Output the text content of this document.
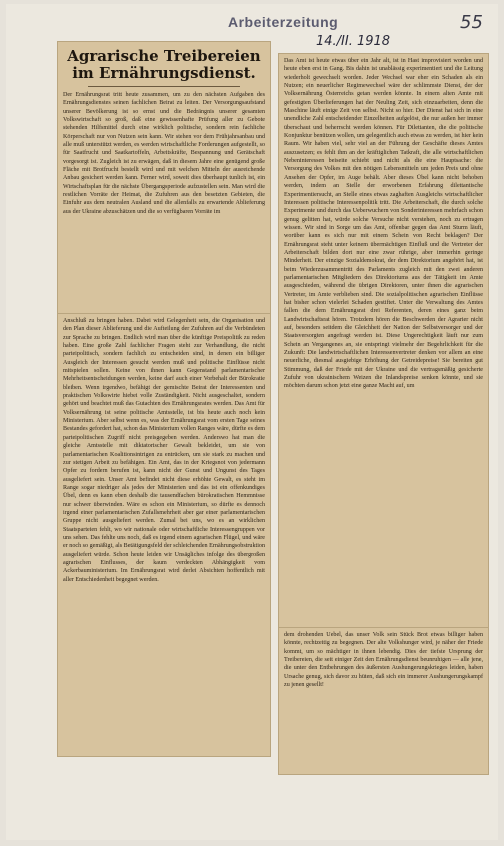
Arbeiterzeitung
14./II. 1918
55
Agrarische Treibereien im Ernährungsdienst.

Der Ernährungsrat tritt heute zusammen, um zu den nächsten Aufgaben des Ernährungsdienstes seinen fachlichen Beirat zu leiten. Der Versorgungsaufstand unserer Bevölkerung ist so ernst und die Bedrängnis unserer gesamten Volkswirtschaft so groß, daß eine gewissenhafte Prüfung aller zu Gebote stehenden Hilfsmittel durch eine wirklich politische, sondern rein fachliche Körperschaft nur von Nutzen sein kann. Wir stehen vor dem Frühjahrsanbau und alle muß unterstützt werden, es werden wirtschaftliche Forderungen aufgestellt, so für Saatfrucht und Saatkartoffeln, Arbeitskräfte, Bespannung und Gerätschaft vorgesorgt ist. Zugleich ist zu erwägen, daß in diesem Jahre eine genügend große Fläche mit Brotfrucht bestellt wird und mit welchen Mitteln der ausreichende Anbau gesichert werden kann. Ferner wird, soweit dies überhaupt tunlich ist, ein Wirtschaftsplan für die nächste Übergangsperiode aufzustellen sein. Man wird die restlichen Vorräte der Heimat, die Zufuhren aus den besetzten Gebieten, die Einfuhr aus dem neutralen Ausland und die allenfalls zu erwartende Ablieferung aus der Ukraine abzuschätzen und die so verfügbaren Vorräte im

Anschluß zu bringen haben. Dabei wird Gelegenheit sein, die Organisation und den Plan dieser Ablieferung und die Aufteilung der Zufuhren auf die Verbündeten zur Sprache zu bringen. Endlich wird man über die künftige Preispolitik zu reden haben. Eine große Zahl fachlicher Fragen steht zur Verhandlung, die nicht parteipolitisch, sondern fachlich zu entscheiden sind, in denen ein billiger Ausgleich der Interessen gesucht werden muß und politische Einflüsse nicht mitspielen sollen. Keine von ihnen kann Gegenstand parlamentarischer Mehrheitsentscheidungen werden, keine darf auch einer Vorbehalt der Bürokratie bleiben. Wenn irgendwo, befähigt der gemischte Beirat der Interessenten und praktischen Volkswirte hiebei volle Zuständigkeit. Nicht ausgeschaltet, sondern gehört und beachtet muß das Gutachten des Ernährungsrates werden. Das Amt für Volksernährung ist seine politische Amtsstelle, ist bis heute auch noch kein Ministerium. Aber selbst wenn es, was der Ernährungsrat vom ersten Tage seines Bestandes gefordert hat, schon das Ministerium vollen Ranges wäre, dürfte es dem parteipolitischen Zugriff nicht preisgegeben werden. Anderswo hat man die gleiche Amtsstelle mit diktatorischer Gewalt bekleidet, um sie von parlamentarischen Koalitionsintrigen zu entrücken, um sie stark zu machen und zur stetigen Arbeit zu befähigen. Ein Amt, das in der Kriegsnot von jedermann Opfer zu fordern berufen ist, kann nicht der Gunst und Ungunst des Tages ausgeliefert sein. Unser Amt befindet nicht diese erhöhte Gewalt, es steht im Range sogar niedriger als jedes der Ministerien und das ist ein offenkundiges Übel, denn es kann eben deshalb die tausendfachen bürokratischen Hemmnisse nur schwer überwinden. Wäre es schon ein Ministerium, so dürfte es dennoch irgend einer parlamentarischen Zufallsmehrheit aber gar einer parlamentarischen Gruppe nicht ausgeliefert werden. Zumal bei uns, wo es an wirklichen Staatsparteien fehlt, wo wir nationale oder wirtschaftliche Interessengruppen vor uns sehen. Das fehlte uns noch, daß es irgend einem agrarischen Flügel, und wäre er noch so gemäßigt, als Betätigungsfeld der schleichenden Ernährungsobstruktion ausgeliefert würde. Schon heute leiden wir Unsägliches infolge des übergroßen agrarischen Einflusses, der kaum verdeckten Abhängigkeit vom Ackerbauministerium. Im Ernährungsrat wird derlei Absichten hoffentlich mit aller Entschiedenheit begegnet werden.

Das Amt ist heute etwas über ein Jahr alt, ist in Hast improvisiert worden und heute eben erst in Gang. Bis dahin ist unablässig experimentiert und die Leitung wiederholt gewechselt worden. Jeder Wechsel war eher ein Schaden als ein Nutzen; ein neuerlicher Regimewechsel wäre der schlimmste Dienst, der der Volksernährung Österreichs getan werden könnte. In einem alten Amte mit gefestigten Überlieferungen hat der Neuling Zeit, sich einzuarbeiten, denn die Maschine läuft einige Zeit von selbst. Nicht so hier. Der Dienst hat sich in eine unendliche Zahl entscheidender Einzelheiten aufgelöst, die nur außen her immer überschaut und beherrscht werden können. Für Dilettanten, die die politische Konjunktur benützen wollen, um gelegentlich auch etwas zu werden, ist hier kein Raum. Wir haben viel, sehr viel an der Führung der Geschäfte dieses Amtes auszusetzen; es fehlt ihm an der kräftiglichen Tatkraft, die alle wirtschaftlichen Nebeninteressen beiseite schiebt und nicht als die eine Hauptsache: die Versorgung des Volkes mit den nötigen Lebensmitteln um jeden Preis und ohne Ansehen der Opfer, im Auge behält. Aber dieses Übel kann nicht behoben werden, indem an Stelle der erworbenen Erfahrung dilettantische Experimentiersucht, an Stelle eines etwas zaghaften Ausgleichs wirtschaftlicher Interessen politische Interessenpolitik tritt. Die Arbeiterschaft, die durch solche Experimente und durch das Ueberwuchern von Sonderinteressen mehrfach schon genug gelitten hat, würde solche Versuche nicht verstehen, noch zu ertragen wissen. Wir sind in Sorge um das Amt, offenbar gegen das Amt Sturm läuft, worüber kann es sich nur mit einem Schein von Recht beklagen? Der Ernährungsrat steht unter keinem übermächtigen Einfluß und die Vertreter der Arbeiterschaft bilden dort nur eine zwar rührige, aber immerhin geringe Minderheit. Der einzige Sozialdemokrat, der dem Direktorium angehört hat, ist beim Wiederzusammentritt des Parlaments zugleich mit den zwei anderen parlamentarischen Mitgliedern des Direktoriums aus der Tätigkeit im Amte ausgeschieden, während die übrigen Direktoren, unter ihnen die agrarischen Vertreter, im Amte verblieben sind. Die sozialpolitischen agrarischen Einflüsse hat bisher schon vielerlei Schaden gestiftet. Unter die Verwaltung des Amtes fallen die dem Ernährungsrat drei Referenten, deren eines ganz beim Landwirtschaftsrat hören. Trotzdem hören die Beschwerden der Agrarier nicht auf, besonders seitdem die Gleichheit der Nation der Selbstversorger und der Staatsversorgten angefragt werden ist. Diese Ungerechtigkeit läuft nur zum Schein an Vergangenes an, sie entspringt vielmehr der Begehrlichkeit für die Zukunft: Die landwirtschaftlichen Interessenvertreter denken vor allem an eine neuerliche, diesmal ausgiebige Erhöhung der Getreidepreise! Sie bereiten gut Stimmung, daß der Friede mit der Ukraine und die vertragsmäßig gesicherte Zufuhr von ukrainischem Weizen die Inlandspreise senken könnte, und sie möchten darum schon jetzt eine ganze Macht auf, um

dem drohenden Uebel, das unser Volk sein Stück Brot etwas billiger haben könnte, rechtzeitig zu begegnen. Der alte Volkshunger wird, je näher der Friede kommt, um so mächtiger in ihnen lebendig. Dies der tiefste Ursprung der Treibereien, die seit einiger Zeit den Ernährungsdienst beunruhigen — alle jene, die unter den Entbehrungen des äußersten Aushungerungskrieges leiden, haben Ursache genug, sich davor zu hüten, daß sich ein immerer Aushungerungskampf zu jenen gesellt!
